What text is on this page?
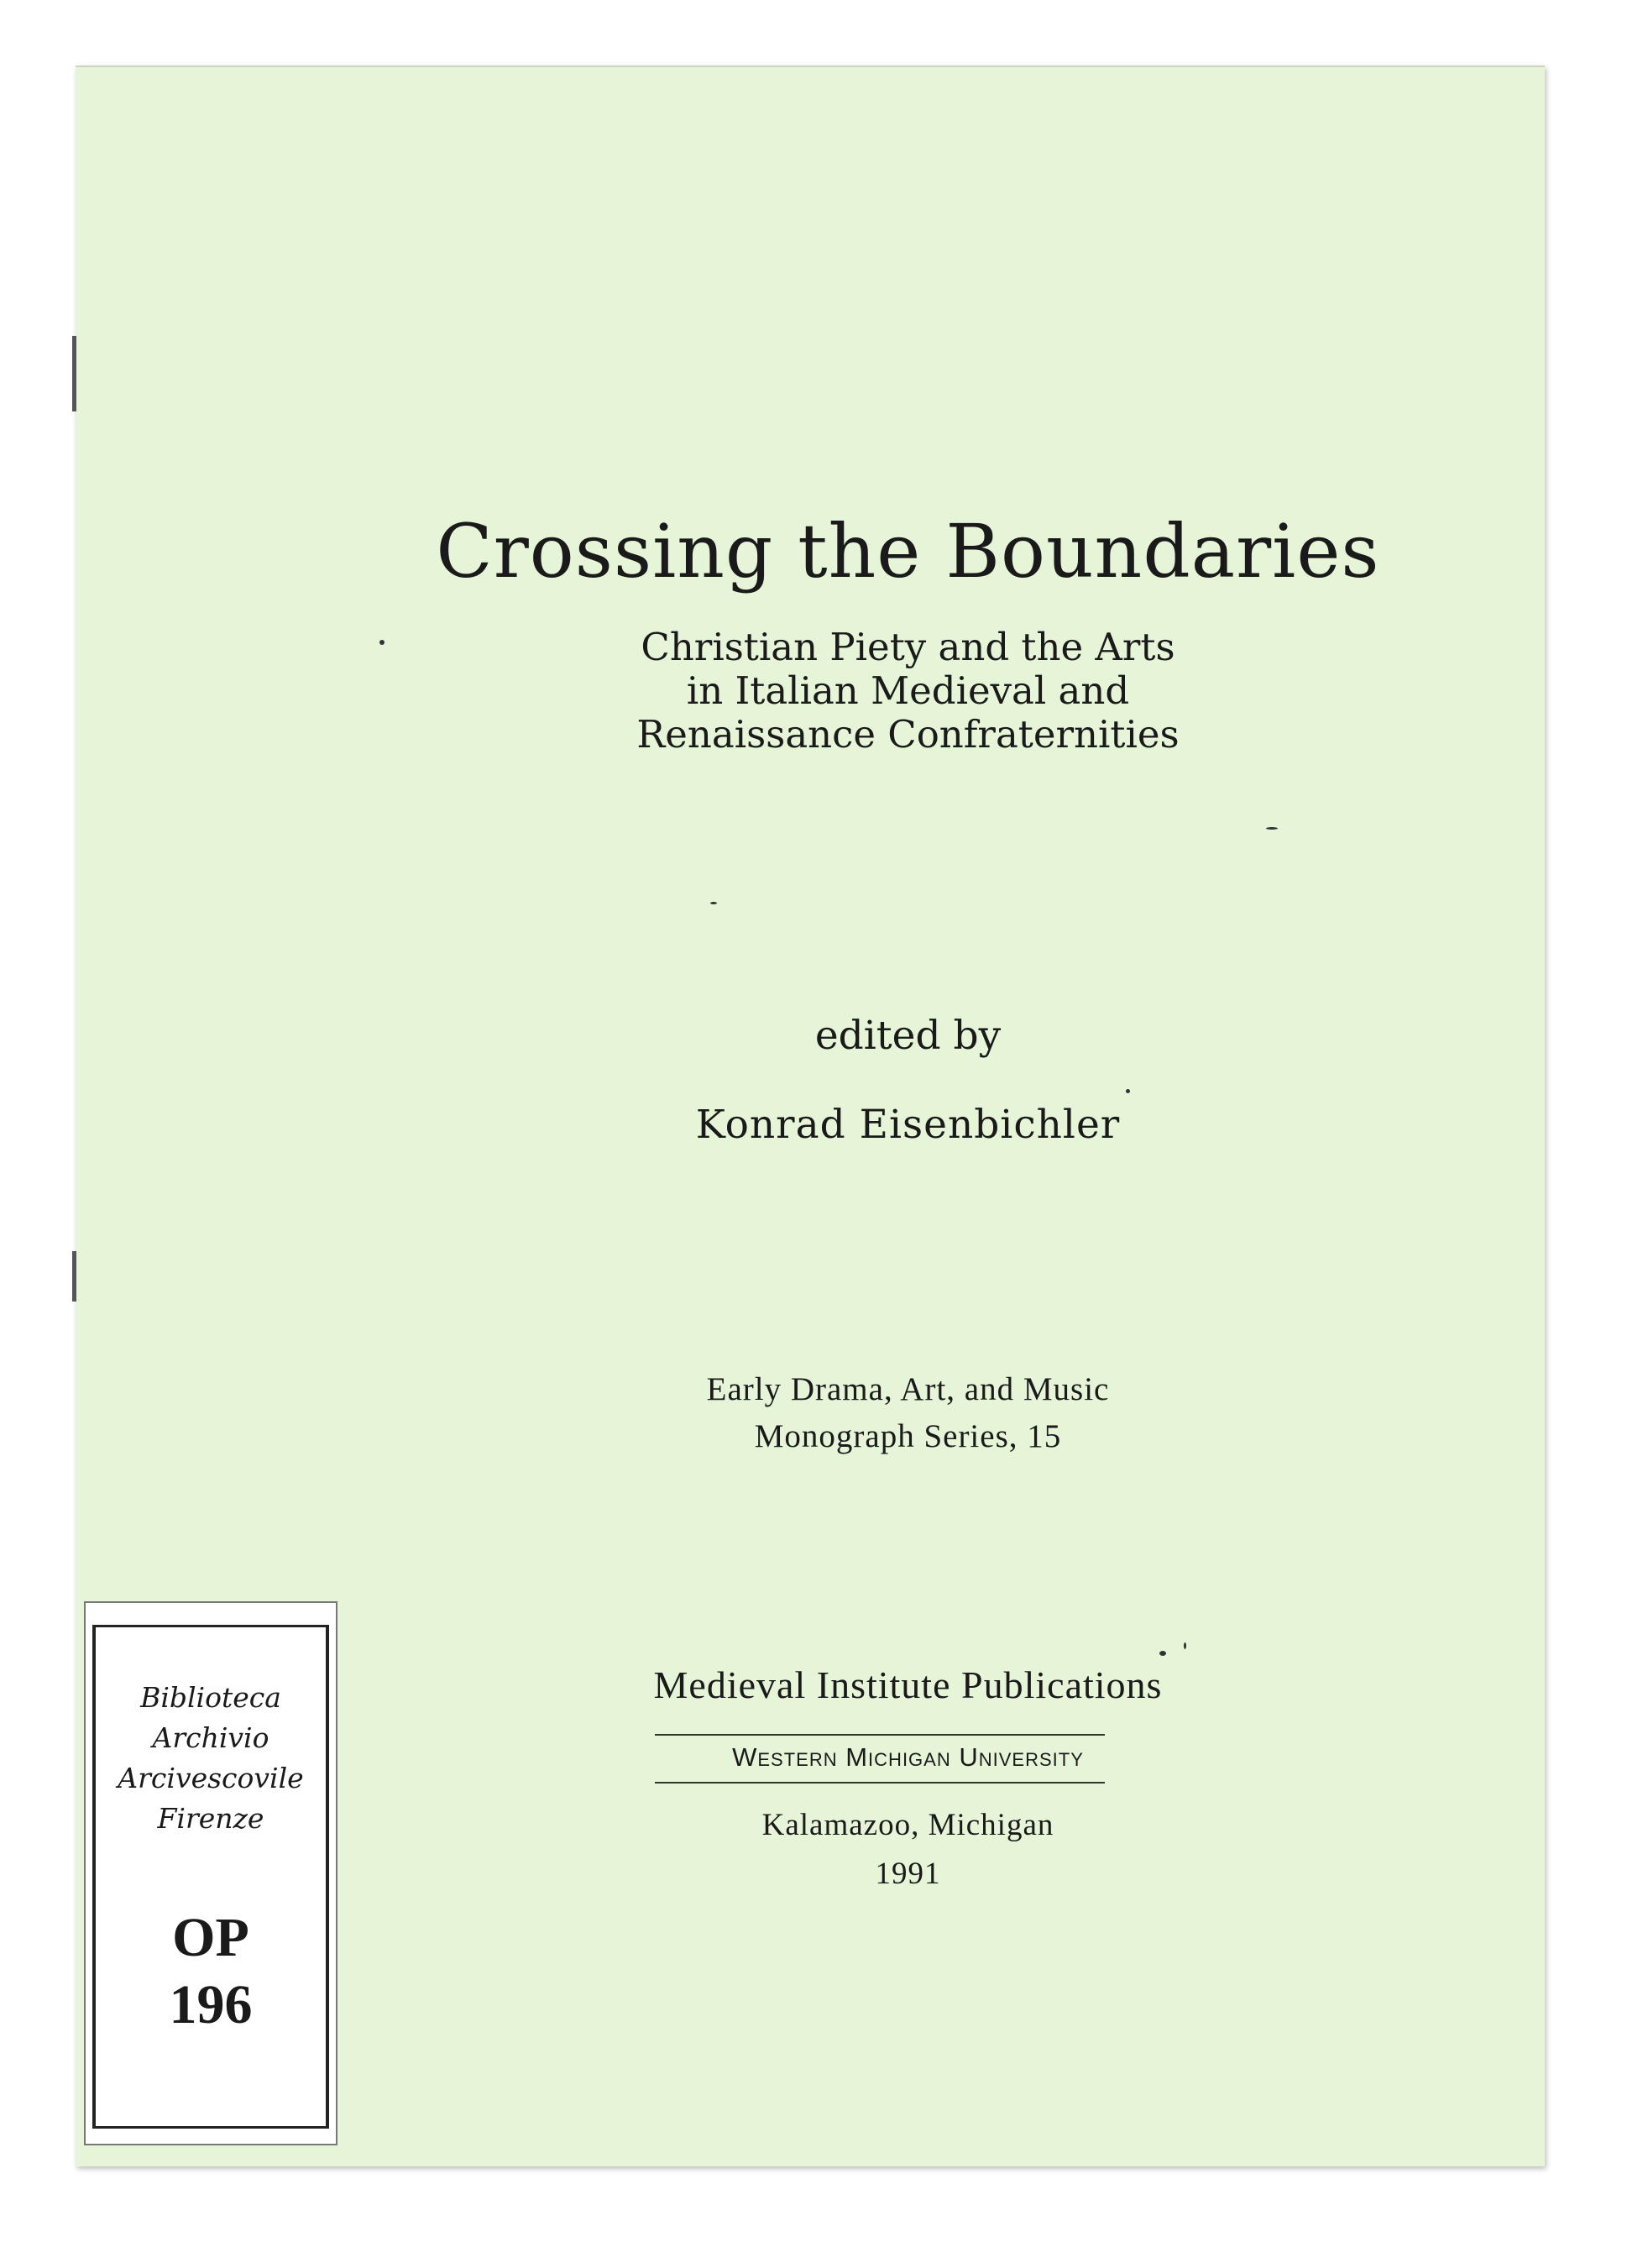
Crossing the Boundaries
Christian Piety and the Arts
in Italian Medieval and
Renaissance Confraternities
edited by
Konrad Eisenbichler
Early Drama, Art, and Music
Monograph Series, 15
Medieval Institute Publications
Western Michigan University
Kalamazoo, Michigan
1991
Biblioteca
Archivio
Arcivescovile
Firenze
OP
196
